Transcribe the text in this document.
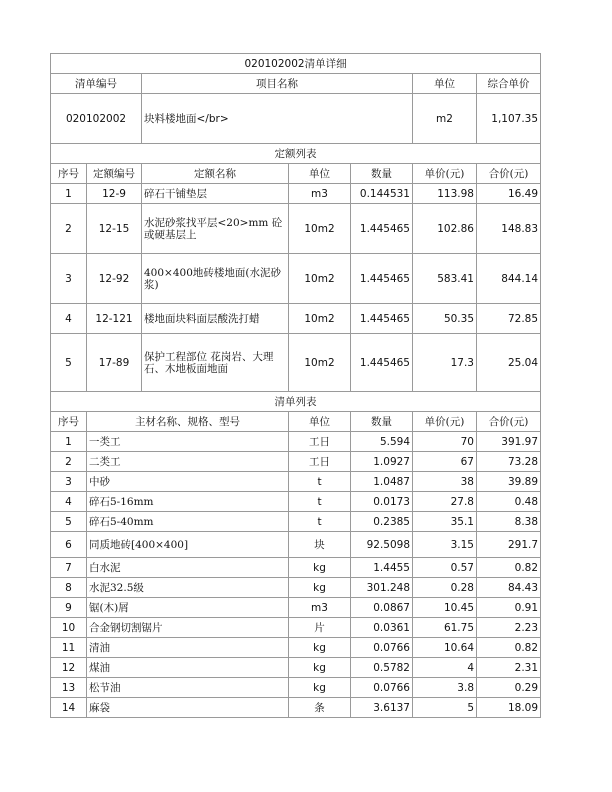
020102002清单详细						
清单编号		项目名称			单位	综合单价
020102002		块料楼地面</br>			m2	1,107.35
定额列表						
序号	定额编号	定额名称	单位	数量	单价(元)	合价(元)
1	12-9	碎石干铺垫层	m3	0.144531	113.98	16.49
2	12-15	水泥砂浆找平层<20>mm 砼或硬基层上	10m2	1.445465	102.86	148.83
3	12-92	400×400地砖楼地面(水泥砂浆)	10m2	1.445465	583.41	844.14
4	12-121	楼地面块料面层酸洗打蜡	10m2	1.445465	50.35	72.85
5	17-89	保护工程部位 花岗岩、大理石、木地板面地面	10m2	1.445465	17.3	25.04
清单列表						
序号	主材名称、规格、型号		单位	数量	单价(元)	合价(元)
1	一类工		工日	5.594	70	391.97
2	二类工		工日	1.0927	67	73.28
3	中砂		t	1.0487	38	39.89
4	碎石5-16mm		t	0.0173	27.8	0.48
5	碎石5-40mm		t	0.2385	35.1	8.38
6	同质地砖[400×400]		块	92.5098	3.15	291.7
7	白水泥		kg	1.4455	0.57	0.82
8	水泥32.5级		kg	301.248	0.28	84.43
9	锯(木)屑		m3	0.0867	10.45	0.91
10	合金钢切割锯片		片	0.0361	61.75	2.23
11	清油		kg	0.0766	10.64	0.82
12	煤油		kg	0.5782	4	2.31
13	松节油		kg	0.0766	3.8	0.29
14	麻袋		条	3.6137	5	18.09
